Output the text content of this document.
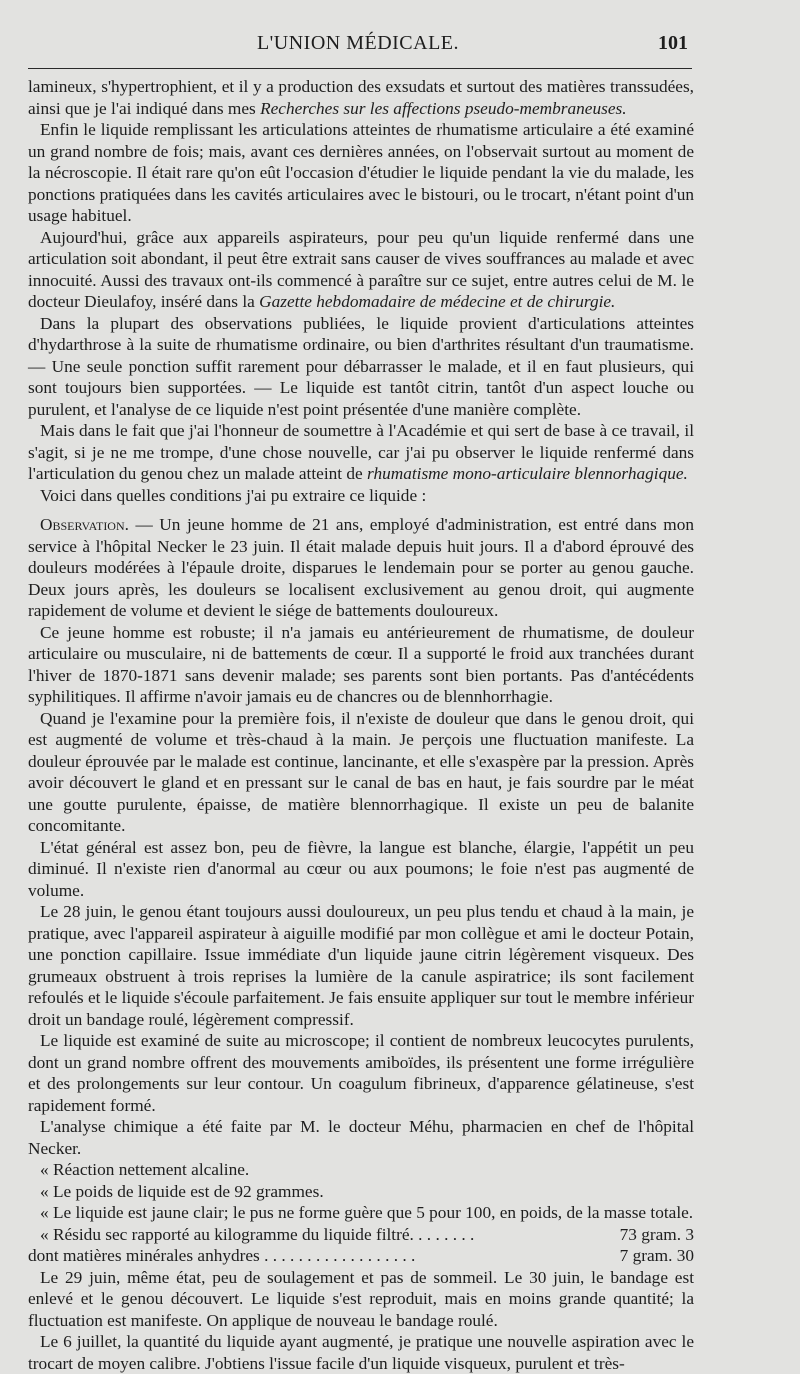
L'UNION MÉDICALE.	101

lamineux, s'hypertrophient, et il y a production des exsudats et surtout des matières transsudées, ainsi que je l'ai indiqué dans mes Recherches sur les affections pseudo-membraneuses.

Enfin le liquide remplissant les articulations atteintes de rhumatisme articulaire a été examiné un grand nombre de fois; mais, avant ces dernières années, on l'observait surtout au moment de la nécroscopie. Il était rare qu'on eût l'occasion d'étudier le liquide pendant la vie du malade, les ponctions pratiquées dans les cavités articulaires avec le bistouri, ou le trocart, n'étant point d'un usage habituel.

Aujourd'hui, grâce aux appareils aspirateurs, pour peu qu'un liquide renfermé dans une articulation soit abondant, il peut être extrait sans causer de vives souffrances au malade et avec innocuité. Aussi des travaux ont-ils commencé à paraître sur ce sujet, entre autres celui de M. le docteur Dieulafoy, inséré dans la Gazette hebdomadaire de médecine et de chirurgie.

Dans la plupart des observations publiées, le liquide provient d'articulations atteintes d'hydarthrose à la suite de rhumatisme ordinaire, ou bien d'arthrites résultant d'un traumatisme. — Une seule ponction suffit rarement pour débarrasser le malade, et il en faut plusieurs, qui sont toujours bien supportées. — Le liquide est tantôt citrin, tantôt d'un aspect louche ou purulent, et l'analyse de ce liquide n'est point présentée d'une manière complète.

Mais dans le fait que j'ai l'honneur de soumettre à l'Académie et qui sert de base à ce travail, il s'agit, si je ne me trompe, d'une chose nouvelle, car j'ai pu observer le liquide renfermé dans l'articulation du genou chez un malade atteint de rhumatisme mono-articulaire blennorhagique.

Voici dans quelles conditions j'ai pu extraire ce liquide :

Observation. — Un jeune homme de 21 ans, employé d'administration, est entré dans mon service à l'hôpital Necker le 23 juin. Il était malade depuis huit jours. Il a d'abord éprouvé des douleurs modérées à l'épaule droite, disparues le lendemain pour se porter au genou gauche. Deux jours après, les douleurs se localisent exclusivement au genou droit, qui augmente rapidement de volume et devient le siége de battements douloureux.

Ce jeune homme est robuste; il n'a jamais eu antérieurement de rhumatisme, de douleur articulaire ou musculaire, ni de battements de cœur. Il a supporté le froid aux tranchées durant l'hiver de 1870-1871 sans devenir malade; ses parents sont bien portants. Pas d'antécédents syphilitiques. Il affirme n'avoir jamais eu de chancres ou de blennhorrhagie.

Quand je l'examine pour la première fois, il n'existe de douleur que dans le genou droit, qui est augmenté de volume et très-chaud à la main. Je perçois une fluctuation manifeste. La douleur éprouvée par le malade est continue, lancinante, et elle s'exaspère par la pression. Après avoir découvert le gland et en pressant sur le canal de bas en haut, je fais sourdre par le méat une goutte purulente, épaisse, de matière blennorrhagique. Il existe un peu de balanite concomitante.

L'état général est assez bon, peu de fièvre, la langue est blanche, élargie, l'appétit un peu diminué. Il n'existe rien d'anormal au cœur ou aux poumons; le foie n'est pas augmenté de volume.

Le 28 juin, le genou étant toujours aussi douloureux, un peu plus tendu et chaud à la main, je pratique, avec l'appareil aspirateur à aiguille modifié par mon collègue et ami le docteur Potain, une ponction capillaire. Issue immédiate d'un liquide jaune citrin légèrement visqueux. Des grumeaux obstruent à trois reprises la lumière de la canule aspiratrice; ils sont facilement refoulés et le liquide s'écoule parfaitement. Je fais ensuite appliquer sur tout le membre inférieur droit un bandage roulé, légèrement compressif.

Le liquide est examiné de suite au microscope; il contient de nombreux leucocytes purulents, dont un grand nombre offrent des mouvements amiboïdes, ils présentent une forme irrégulière et des prolongements sur leur contour. Un coagulum fibrineux, d'apparence gélatineuse, s'est rapidement formé.

L'analyse chimique a été faite par M. le docteur Méhu, pharmacien en chef de l'hôpital Necker.

« Réaction nettement alcaline.

« Le poids de liquide est de 92 grammes.

« Le liquide est jaune clair; le pus ne forme guère que 5 pour 100, en poids, de la masse totale.

« Résidu sec rapporté au kilogramme du liquide filtré. . . . . . . .	73 gram. 3
dont matières minérales anhydres . . . . . . . . . . . . . . . . . .	7 gram. 30

Le 29 juin, même état, peu de soulagement et pas de sommeil. Le 30 juin, le bandage est enlevé et le genou découvert. Le liquide s'est reproduit, mais en moins grande quantité; la fluctuation est manifeste. On applique de nouveau le bandage roulé.

Le 6 juillet, la quantité du liquide ayant augmenté, je pratique une nouvelle aspiration avec le trocart de moyen calibre. J'obtiens l'issue facile d'un liquide visqueux, purulent et très-
